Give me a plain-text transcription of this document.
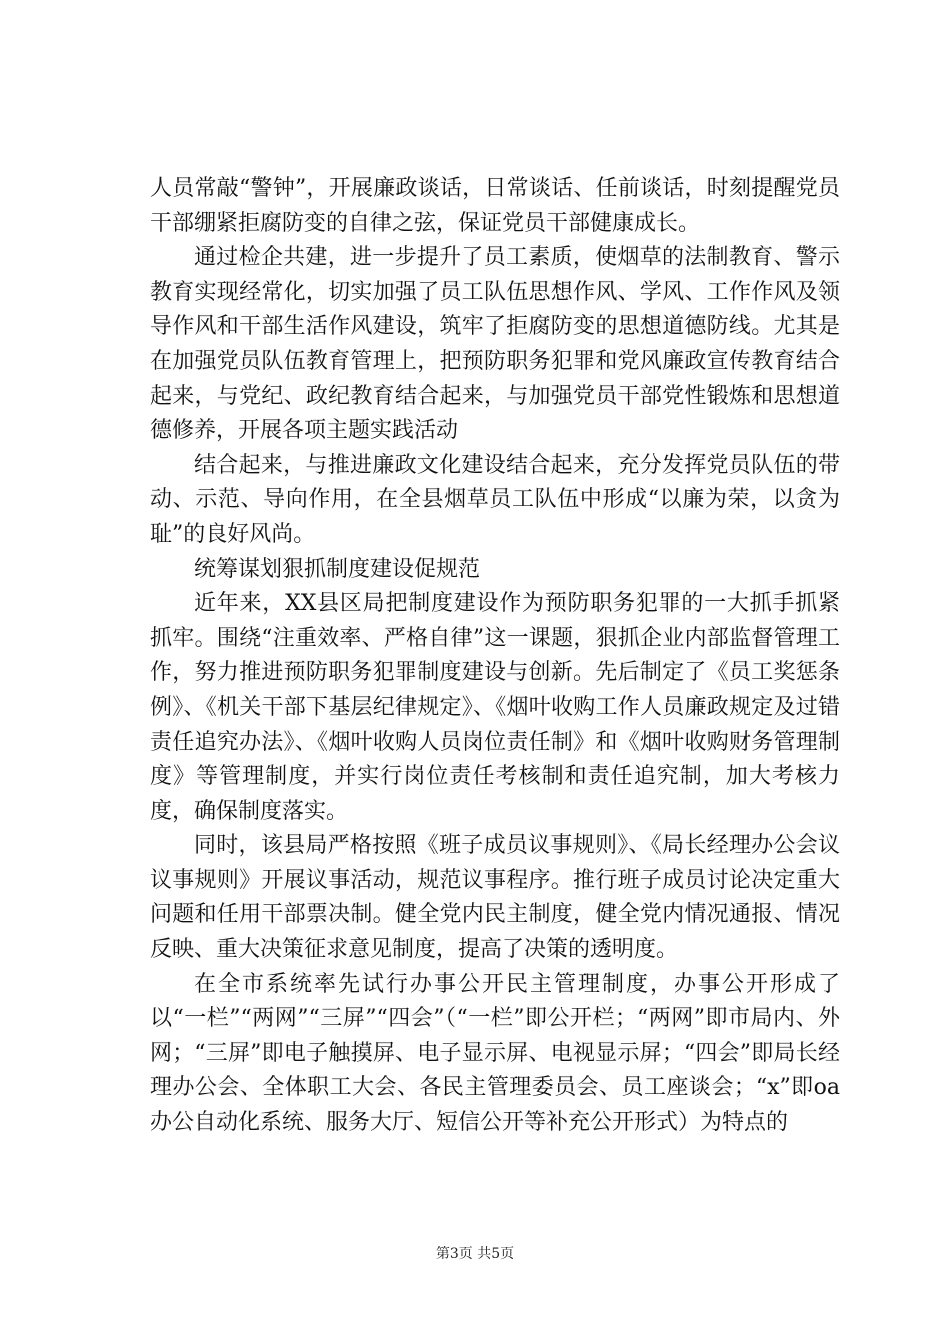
人员常敲“警钟”，开展廉政谈话，日常谈话、任前谈话，时刻提醒党员干部绷紧拒腐防变的自律之弦，保证党员干部健康成长。

通过检企共建，进一步提升了员工素质，使烟草的法制教育、警示教育实现经常化，切实加强了员工队伍思想作风、学风、工作作风及领导作风和干部生活作风建设，筑牢了拒腐防变的思想道德防线。尤其是在加强党员队伍教育管理上，把预防职务犯罪和党风廉政宣传教育结合起来，与党纪、政纪教育结合起来，与加强党员干部党性锻炼和思想道德修养，开展各项主题实践活动

结合起来，与推进廉政文化建设结合起来，充分发挥党员队伍的带动、示范、导向作用，在全县烟草员工队伍中形成“以廉为荣，以贪为耻”的良好风尚。

统筹谋划狠抓制度建设促规范

近年来，XX县区局把制度建设作为预防职务犯罪的一大抓手抓紧抓牢。围绕“注重效率、严格自律”这一课题，狠抓企业内部监督管理工作，努力推进预防职务犯罪制度建设与创新。先后制定了《员工奖惩条例》、《机关干部下基层纪律规定》、《烟叶收购工作人员廉政规定及过错责任追究办法》、《烟叶收购人员岗位责任制》和《烟叶收购财务管理制度》等管理制度，并实行岗位责任考核制和责任追究制，加大考核力度，确保制度落实。

同时，该县局严格按照《班子成员议事规则》、《局长经理办公会议议事规则》开展议事活动，规范议事程序。推行班子成员讨论决定重大问题和任用干部票决制。健全党内民主制度，健全党内情况通报、情况反映、重大决策征求意见制度，提高了决策的透明度。

在全市系统率先试行办事公开民主管理制度，办事公开形成了以“一栏”“两网”“三屏”“四会”（“一栏”即公开栏；“两网”即市局内、外网；“三屏”即电子触摸屏、电子显示屏、电视显示屏；“四会”即局长经理办公会、全体职工大会、各民主管理委员会、员工座谈会；“x”即oa办公自动化系统、服务大厅、短信公开等补充公开形式）为特点的

第3页 共5页
